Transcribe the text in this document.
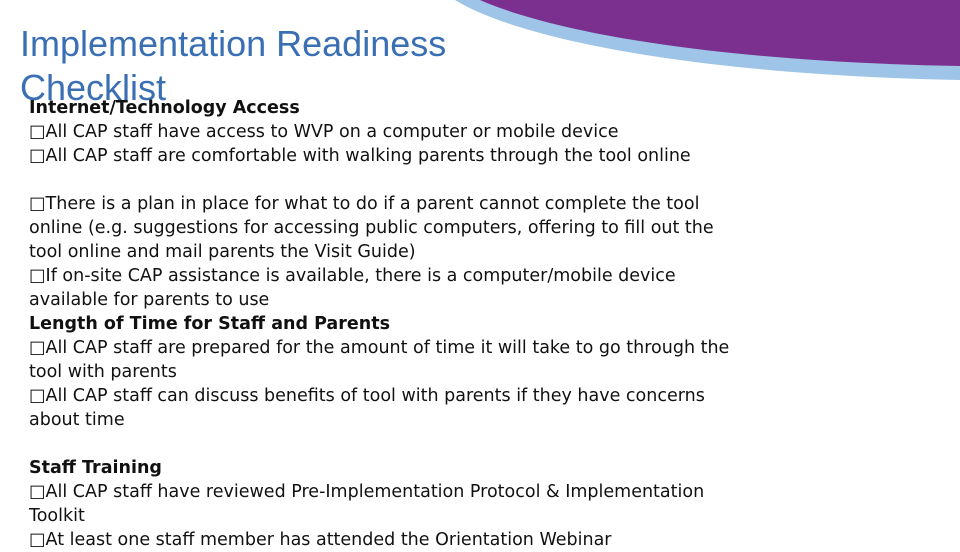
Implementation Readiness Checklist
Internet/Technology Access
□All CAP staff have access to WVP on a computer or mobile device
□All CAP staff are comfortable with walking parents through the tool online
□There is a plan in place for what to do if a parent cannot complete the tool
online (e.g. suggestions for accessing public computers, offering to fill out the
tool online and mail parents the Visit Guide)
□If on-site CAP assistance is available, there is a computer/mobile device
available for parents to use
Length of Time for Staff and Parents
□All CAP staff are prepared for the amount of time it will take to go through the
tool with parents
□All CAP staff can discuss benefits of tool with parents if they have concerns
about time
Staff Training
□All CAP staff have reviewed Pre-Implementation Protocol & Implementation
Toolkit
□At least one staff member has attended the Orientation Webinar
